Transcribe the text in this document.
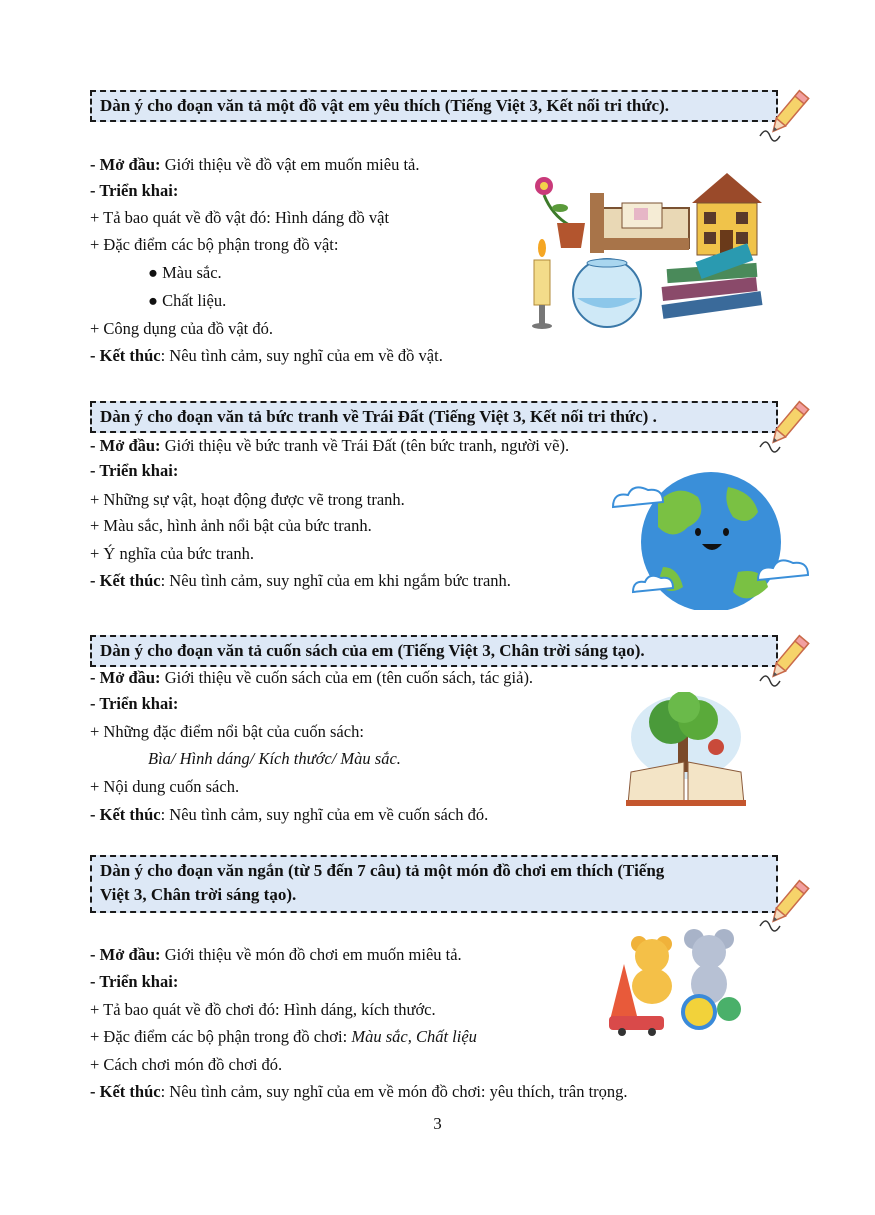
Dàn ý cho đoạn văn tả một đồ vật em yêu thích (Tiếng Việt 3, Kết nối tri thức).
- Mở đầu: Giới thiệu về đồ vật em muốn miêu tả.
- Triển khai:
+ Tả bao quát về đồ vật đó: Hình dáng đồ vật
+ Đặc điểm các bộ phận trong đồ vật:
● Màu sắc.
● Chất liệu.
+ Công dụng của đồ vật đó.
- Kết thúc: Nêu tình cảm, suy nghĩ của em về đồ vật.
Dàn ý cho đoạn văn tả bức tranh về Trái Đất (Tiếng Việt 3, Kết nối tri thức) .
- Mở đầu: Giới thiệu về bức tranh về Trái Đất (tên bức tranh, người vẽ).
- Triển khai:
+ Những sự vật, hoạt động được vẽ trong tranh.
+ Màu sắc, hình ảnh nổi bật của bức tranh.
+ Ý nghĩa của bức tranh.
- Kết thúc: Nêu tình cảm, suy nghĩ của em khi ngắm bức tranh.
Dàn ý cho đoạn văn tả cuốn sách của em (Tiếng Việt 3, Chân trời sáng tạo).
- Mở đầu: Giới thiệu về cuốn sách của em (tên cuốn sách, tác giả).
- Triển khai:
+ Những đặc điểm nổi bật của cuốn sách:
Bìa/ Hình dáng/ Kích thước/ Màu sắc.
+ Nội dung cuốn sách.
- Kết thúc: Nêu tình cảm, suy nghĩ của em về cuốn sách đó.
Dàn ý cho đoạn văn ngắn (từ 5 đến 7 câu) tả một món đồ chơi em thích (Tiếng
Việt 3, Chân trời sáng tạo).
- Mở đầu: Giới thiệu về món đồ chơi em muốn miêu tả.
- Triển khai:
+ Tả bao quát về đồ chơi đó: Hình dáng, kích thước.
+ Đặc điểm các bộ phận trong đồ chơi: Màu sắc, Chất liệu
+ Cách chơi món đồ chơi đó.
- Kết thúc: Nêu tình cảm, suy nghĩ của em về món đồ chơi: yêu thích, trân trọng.
3
